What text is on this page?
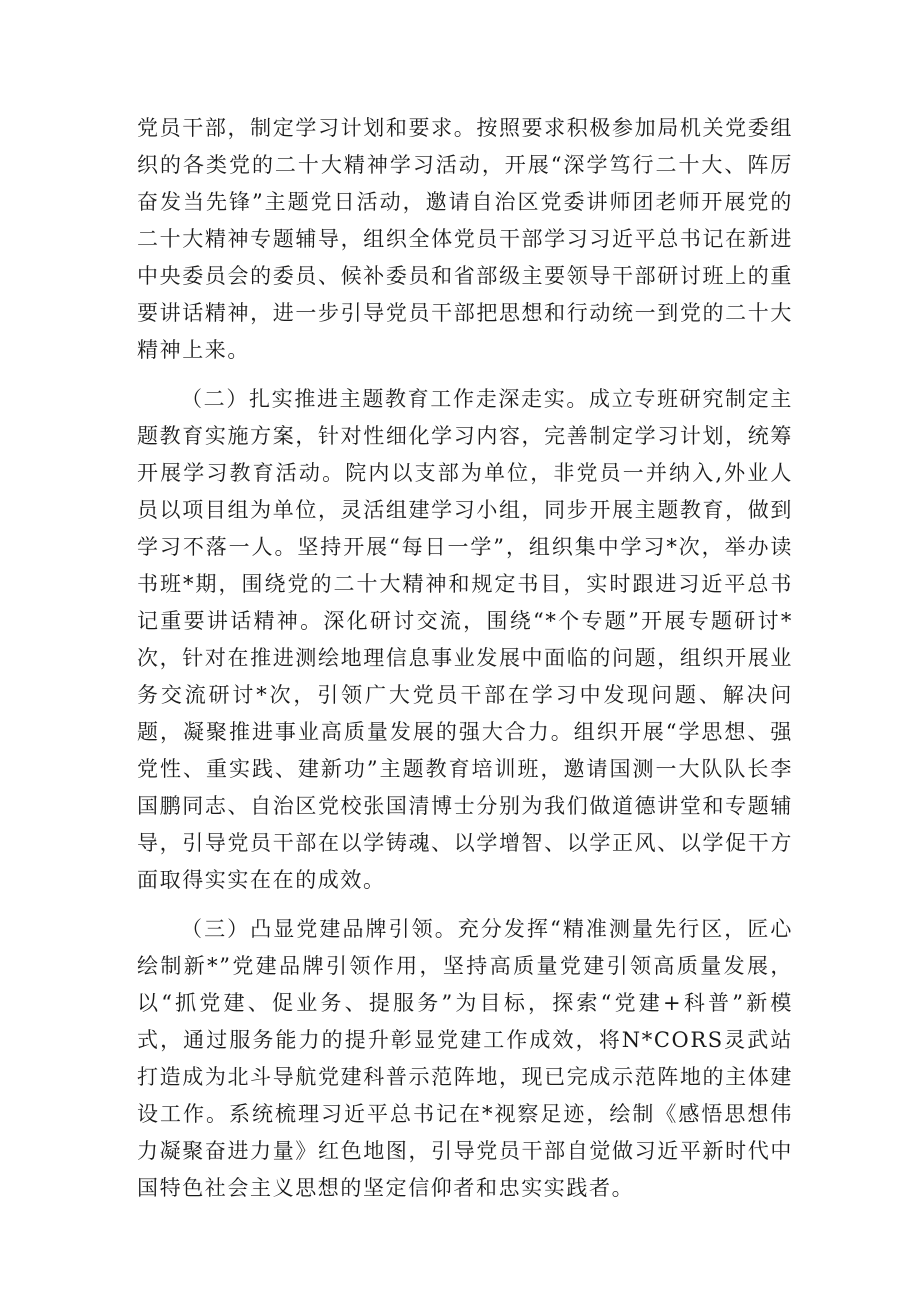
党员干部，制定学习计划和要求。按照要求积极参加局机关党委组织的各类党的二十大精神学习活动，开展“深学笃行二十大、阵厉奋发当先锋”主题党日活动，邀请自治区党委讲师团老师开展党的二十大精神专题辅导，组织全体党员干部学习习近平总书记在新进中央委员会的委员、候补委员和省部级主要领导干部研讨班上的重要讲话精神，进一步引导党员干部把思想和行动统一到党的二十大精神上来。

（二）扎实推进主题教育工作走深走实。成立专班研究制定主题教育实施方案，针对性细化学习内容，完善制定学习计划，统筹开展学习教育活动。院内以支部为单位，非党员一并纳入,外业人员以项目组为单位，灵活组建学习小组，同步开展主题教育，做到学习不落一人。坚持开展“每日一学”，组织集中学习*次，举办读书班*期，围绕党的二十大精神和规定书目，实时跟进习近平总书记重要讲话精神。深化研讨交流，围绕“*个专题”开展专题研讨*次，针对在推进测绘地理信息事业发展中面临的问题，组织开展业务交流研讨*次，引领广大党员干部在学习中发现问题、解决问题，凝聚推进事业高质量发展的强大合力。组织开展“学思想、强党性、重实践、建新功”主题教育培训班，邀请国测一大队队长李国鹏同志、自治区党校张国清博士分别为我们做道德讲堂和专题辅导，引导党员干部在以学铸魂、以学增智、以学正风、以学促干方面取得实实在在的成效。

（三）凸显党建品牌引领。充分发挥“精准测量先行区，匠心绘制新*”党建品牌引领作用，坚持高质量党建引领高质量发展，以“抓党建、促业务、提服务”为目标，探索“党建+科普”新模式，通过服务能力的提升彰显党建工作成效，将N*CORS灵武站打造成为北斗导航党建科普示范阵地，现已完成示范阵地的主体建设工作。系统梳理习近平总书记在*视察足迹，绘制《感悟思想伟力凝聚奋进力量》红色地图，引导党员干部自觉做习近平新时代中国特色社会主义思想的坚定信仰者和忠实实践者。
